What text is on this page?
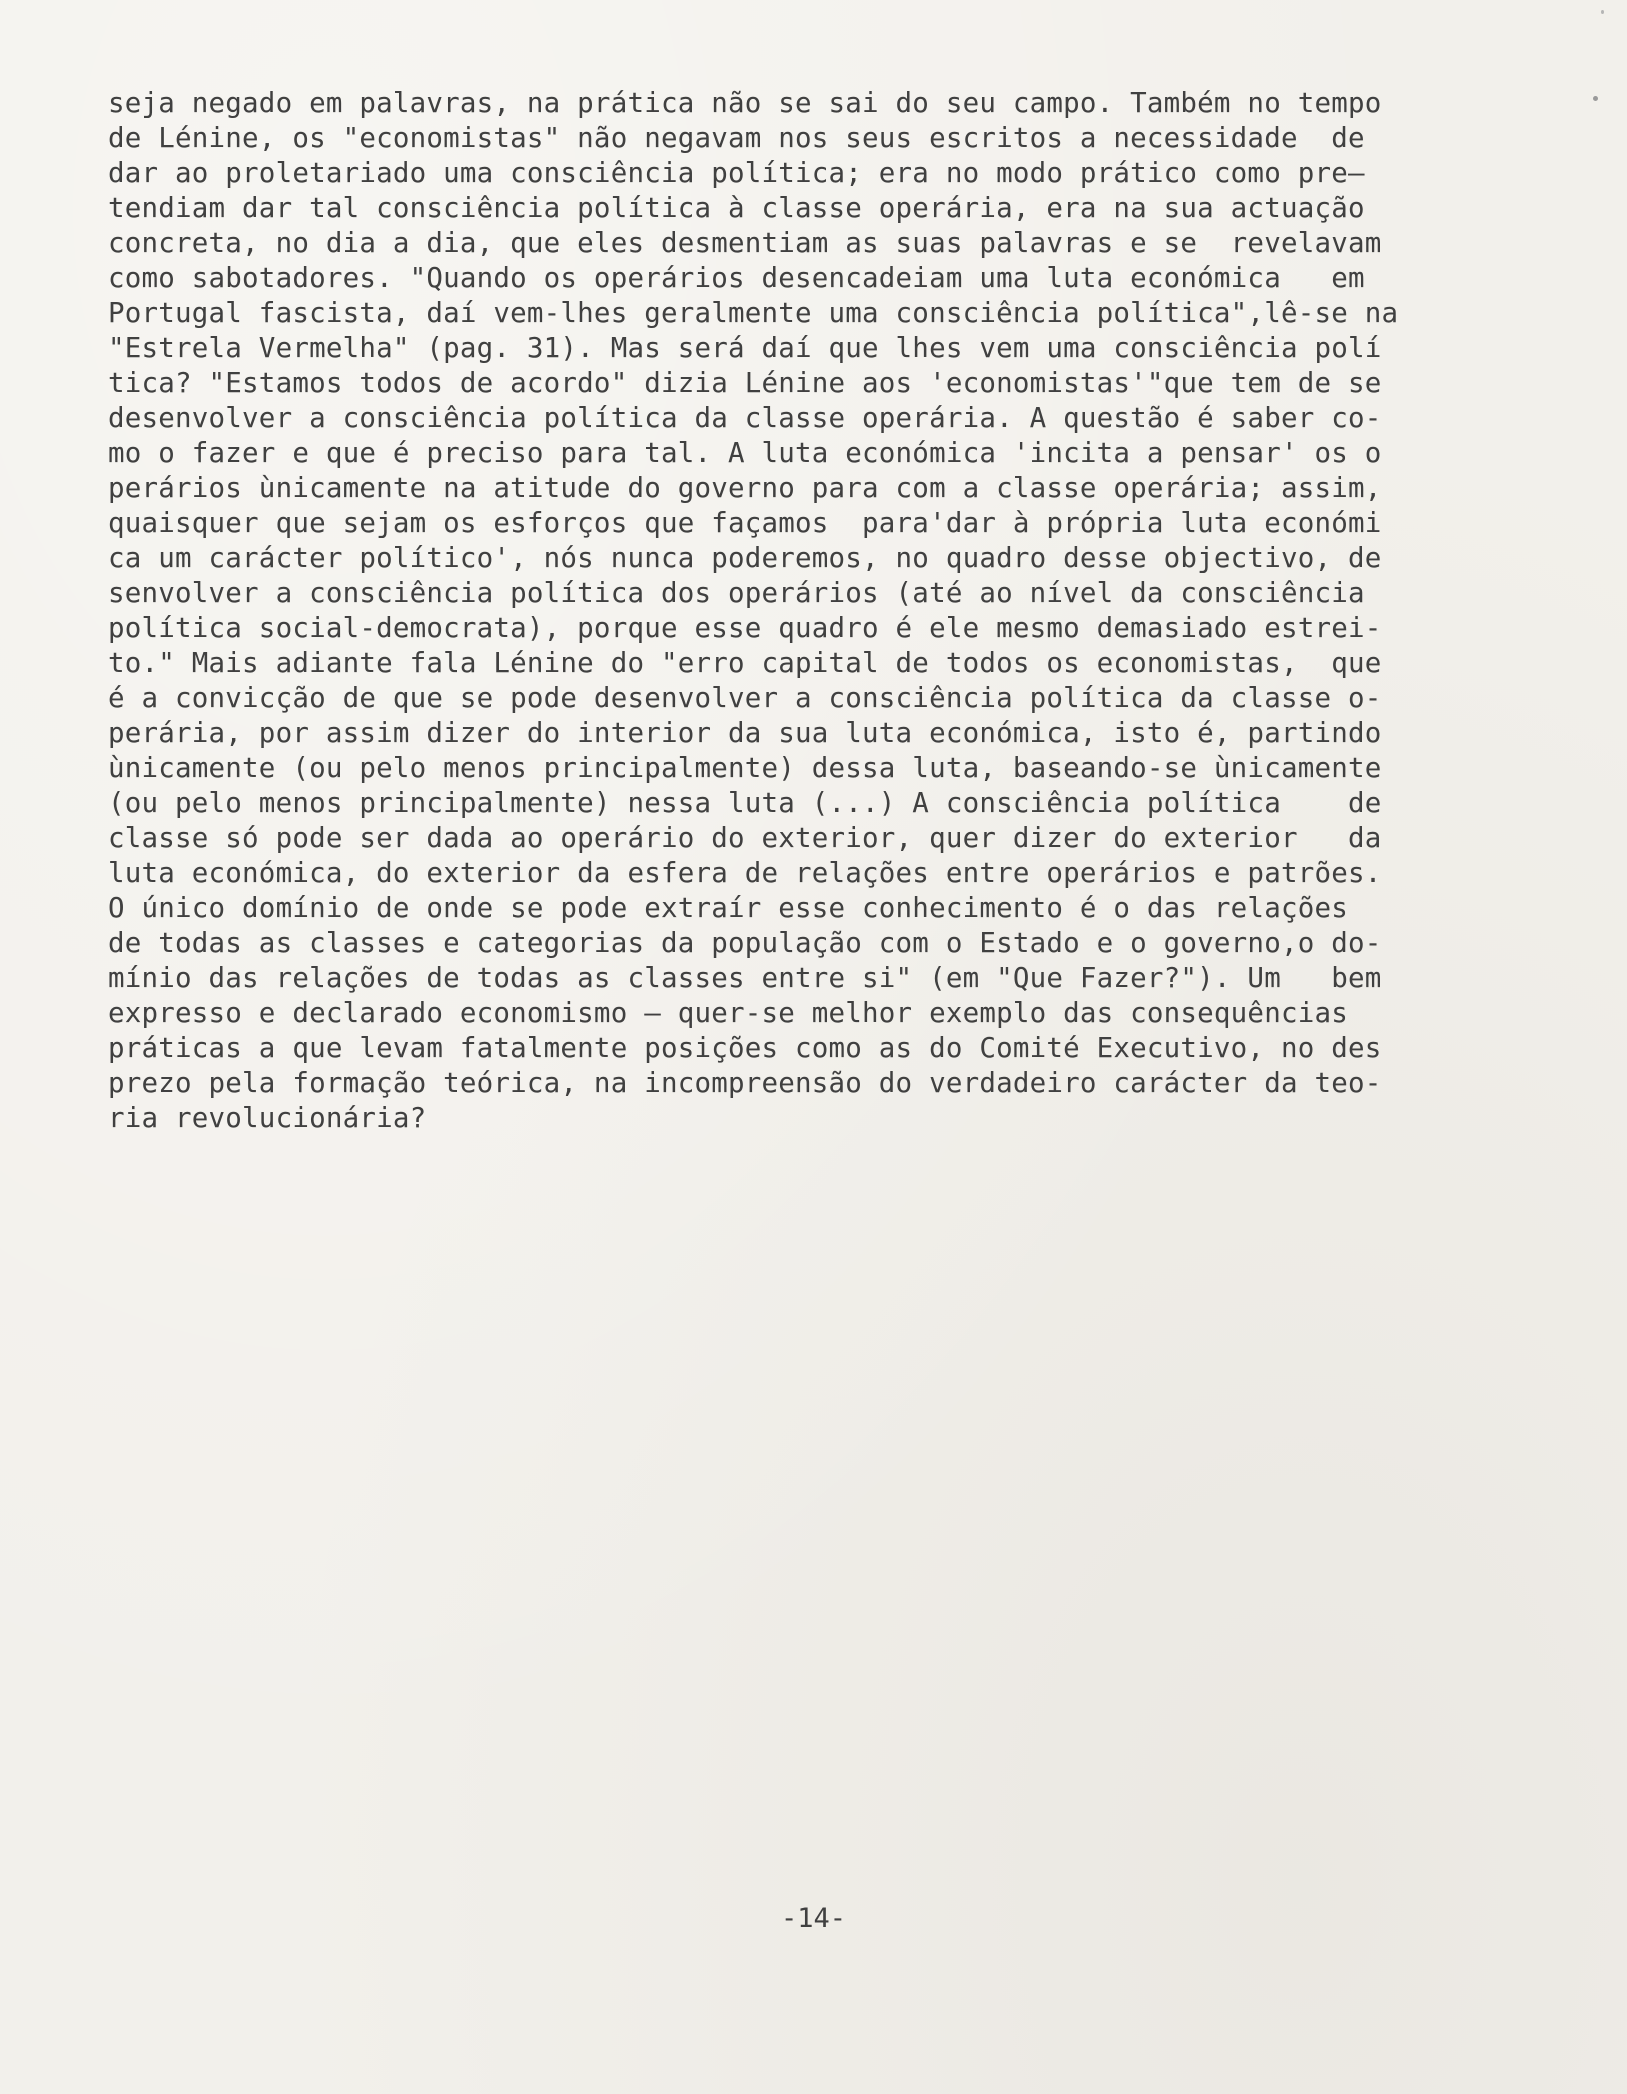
seja negado em palavras, na prática não se sai do seu campo. Também no tempo
de Lénine, os "economistas" não negavam nos seus escritos a necessidade  de
dar ao proletariado uma consciência política; era no modo prático como pre—
tendiam dar tal consciência política à classe operária, era na sua actuação
concreta, no dia a dia, que eles desmentiam as suas palavras e se  revelavam
como sabotadores. "Quando os operários desencadeiam uma luta económica   em
Portugal fascista, daí vem-lhes geralmente uma consciência política",lê-se na
"Estrela Vermelha" (pag. 31). Mas será daí que lhes vem uma consciência polí
tica? "Estamos todos de acordo" dizia Lénine aos 'economistas'"que tem de se
desenvolver a consciência política da classe operária. A questão é saber co-
mo o fazer e que é preciso para tal. A luta económica 'incita a pensar' os o
perários ùnicamente na atitude do governo para com a classe operária; assim,
quaisquer que sejam os esforços que façamos  para'dar à própria luta económi
ca um carácter político', nós nunca poderemos, no quadro desse objectivo, de
senvolver a consciência política dos operários (até ao nível da consciência
política social-democrata), porque esse quadro é ele mesmo demasiado estrei-
to." Mais adiante fala Lénine do "erro capital de todos os economistas,  que
é a convicção de que se pode desenvolver a consciência política da classe o-
perária, por assim dizer do interior da sua luta económica, isto é, partindo
ùnicamente (ou pelo menos principalmente) dessa luta, baseando-se ùnicamente
(ou pelo menos principalmente) nessa luta (...) A consciência política    de
classe só pode ser dada ao operário do exterior, quer dizer do exterior   da
luta económica, do exterior da esfera de relações entre operários e patrões.
O único domínio de onde se pode extraír esse conhecimento é o das relações
de todas as classes e categorias da população com o Estado e o governo,o do-
mínio das relações de todas as classes entre si" (em "Que Fazer?"). Um   bem
expresso e declarado economismo — quer-se melhor exemplo das consequências
práticas a que levam fatalmente posições como as do Comité Executivo, no des
prezo pela formação teórica, na incompreensão do verdadeiro carácter da teo-
ria revolucionária?
-14-
